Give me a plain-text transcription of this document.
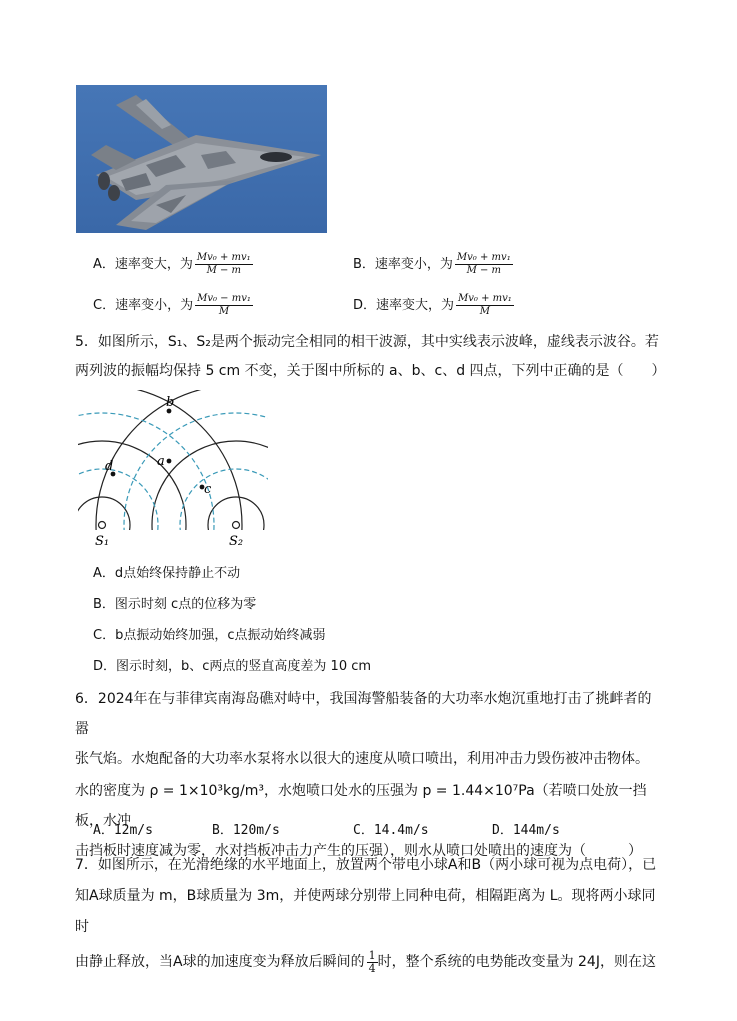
A．速率变大，为 $\frac{\text{Mv₀ + mv₁}}{M - m}$	B．速率变小，为 $\frac{\text{Mv₀ + mv₁}}{M - m}$
C．速率变小，为 $\frac{\text{Mv₀ − mv₁}}{M}$	D．速率变大，为 $\frac{\text{Mv₀ + mv₁}}{M}$
5．如图所示，S₁、S₂是两个振动完全相同的相干波源，其中实线表示波峰，虚线表示波谷。若
两列波的振幅均保持 5 cm 不变，关于图中所标的 a、b、c、d 四点，下列中正确的是（　　）
b
a
d
c
S₁	S₂
A．d点始终保持静止不动
B．图示时刻 c点的位移为零
C．b点振动始终加强，c点振动始终减弱
D．图示时刻，b、c两点的竖直高度差为 10 cm
6．2024年在与菲律宾南海岛礁对峙中，我国海警船装备的大功率水炮沉重地打击了挑衅者的嚣
张气焰。水炮配备的大功率水泵将水以很大的速度从喷口喷出，利用冲击力毁伤被冲击物体。
水的密度为 ρ = 1×10³kg/m³，水炮喷口处水的压强为 p = 1.44×10⁷Pa（若喷口处放一挡板，水冲
击挡板时速度减为零，水对挡板冲击力产生的压强），则水从喷口处喷出的速度为（　　　）
A．12m/s	B．120m/s	C．14.4m/s	D．144m/s
7．如图所示，在光滑绝缘的水平地面上，放置两个带电小球A和B（两小球可视为点电荷），已
知A球质量为 m，B球质量为 3m，并使两球分别带上同种电荷，相隔距离为 L。现将两小球同时
由静止释放，当A球的加速度变为释放后瞬间的 $\frac{1}{4}$ 时，整个系统的电势能改变量为 24J，则在这
